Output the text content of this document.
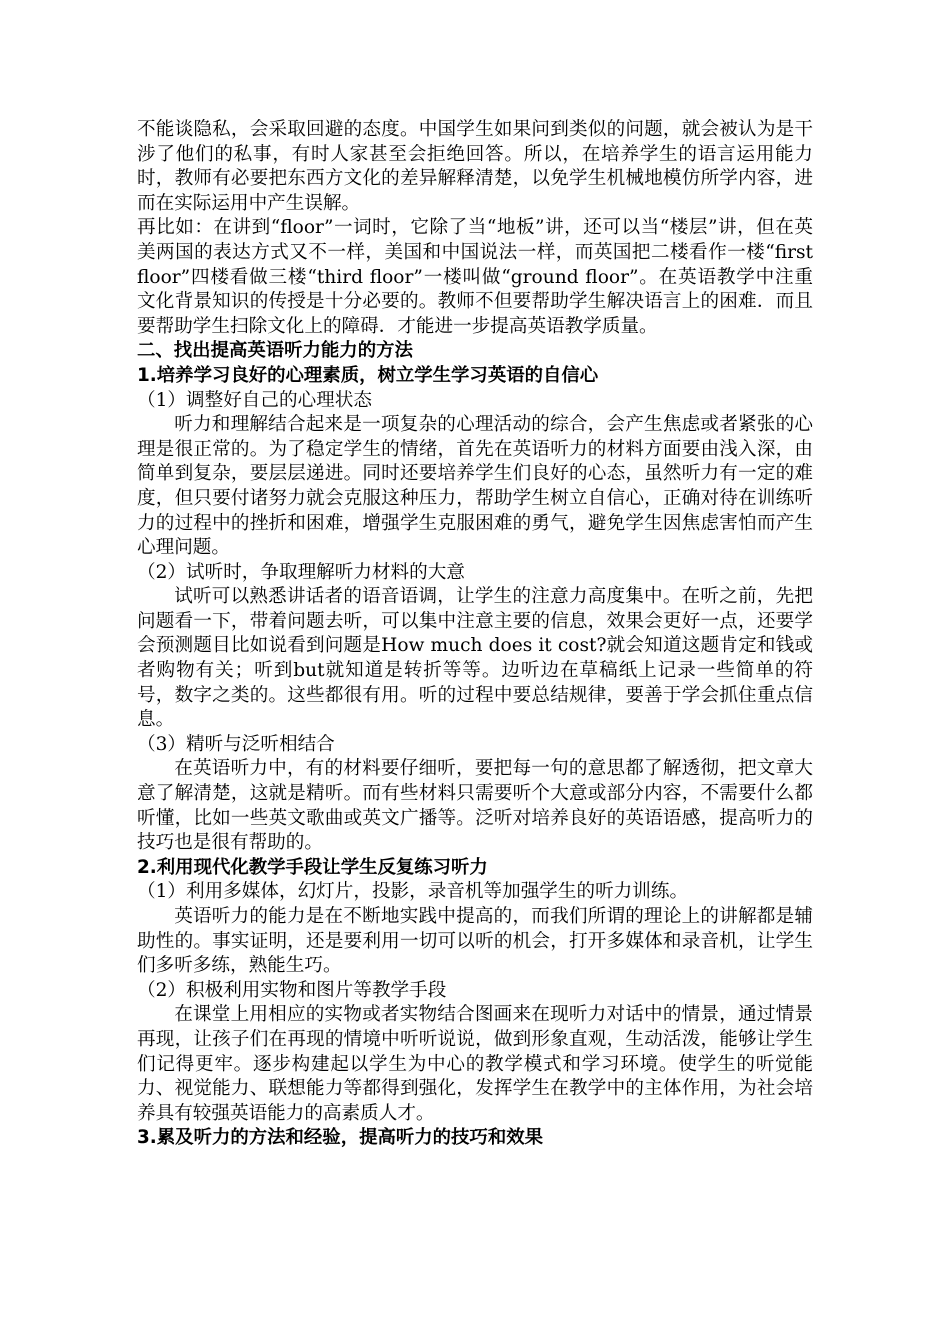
不能谈隐私，会采取回避的态度。中国学生如果问到类似的问题，就会被认为是干涉了他们的私事，有时人家甚至会拒绝回答。所以，在培养学生的语言运用能力时，教师有必要把东西方文化的差异解释清楚，以免学生机械地模仿所学内容，进而在实际运用中产生误解。

再比如：在讲到“floor”一词时，它除了当“地板”讲，还可以当“楼层”讲，但在英美两国的表达方式又不一样，美国和中国说法一样，而英国把二楼看作一楼“first floor”四楼看做三楼“third floor”一楼叫做“ground floor”。在英语教学中注重文化背景知识的传授是十分必要的。教师不但要帮助学生解决语言上的困难．而且要帮助学生扫除文化上的障碍．才能进一步提高英语教学质量。

二、找出提高英语听力能力的方法

1.培养学习良好的心理素质，树立学生学习英语的自信心

（1）调整好自己的心理状态

听力和理解结合起来是一项复杂的心理活动的综合，会产生焦虑或者紧张的心理是很正常的。为了稳定学生的情绪，首先在英语听力的材料方面要由浅入深，由简单到复杂，要层层递进。同时还要培养学生们良好的心态，虽然听力有一定的难度，但只要付诸努力就会克服这种压力，帮助学生树立自信心，正确对待在训练听力的过程中的挫折和困难，增强学生克服困难的勇气，避免学生因焦虑害怕而产生心理问题。

（2）试听时，争取理解听力材料的大意

试听可以熟悉讲话者的语音语调，让学生的注意力高度集中。在听之前，先把问题看一下，带着问题去听，可以集中注意主要的信息，效果会更好一点，还要学会预测题目比如说看到问题是How much does it cost?就会知道这题肯定和钱或者购物有关；听到but就知道是转折等等。边听边在草稿纸上记录一些简单的符号，数字之类的。这些都很有用。听的过程中要总结规律，要善于学会抓住重点信息。

（3）精听与泛听相结合

在英语听力中，有的材料要仔细听，要把每一句的意思都了解透彻，把文章大意了解清楚，这就是精听。而有些材料只需要听个大意或部分内容，不需要什么都听懂，比如一些英文歌曲或英文广播等。泛听对培养良好的英语语感，提高听力的技巧也是很有帮助的。

2.利用现代化教学手段让学生反复练习听力

（1）利用多媒体，幻灯片，投影，录音机等加强学生的听力训练。

英语听力的能力是在不断地实践中提高的，而我们所谓的理论上的讲解都是辅助性的。事实证明，还是要利用一切可以听的机会，打开多媒体和录音机，让学生们多听多练，熟能生巧。

（2）积极利用实物和图片等教学手段

在课堂上用相应的实物或者实物结合图画来在现听力对话中的情景，通过情景再现，让孩子们在再现的情境中听听说说，做到形象直观，生动活泼，能够让学生们记得更牢。逐步构建起以学生为中心的教学模式和学习环境。使学生的听觉能力、视觉能力、联想能力等都得到强化，发挥学生在教学中的主体作用，为社会培养具有较强英语能力的高素质人才。

3.累及听力的方法和经验，提高听力的技巧和效果
